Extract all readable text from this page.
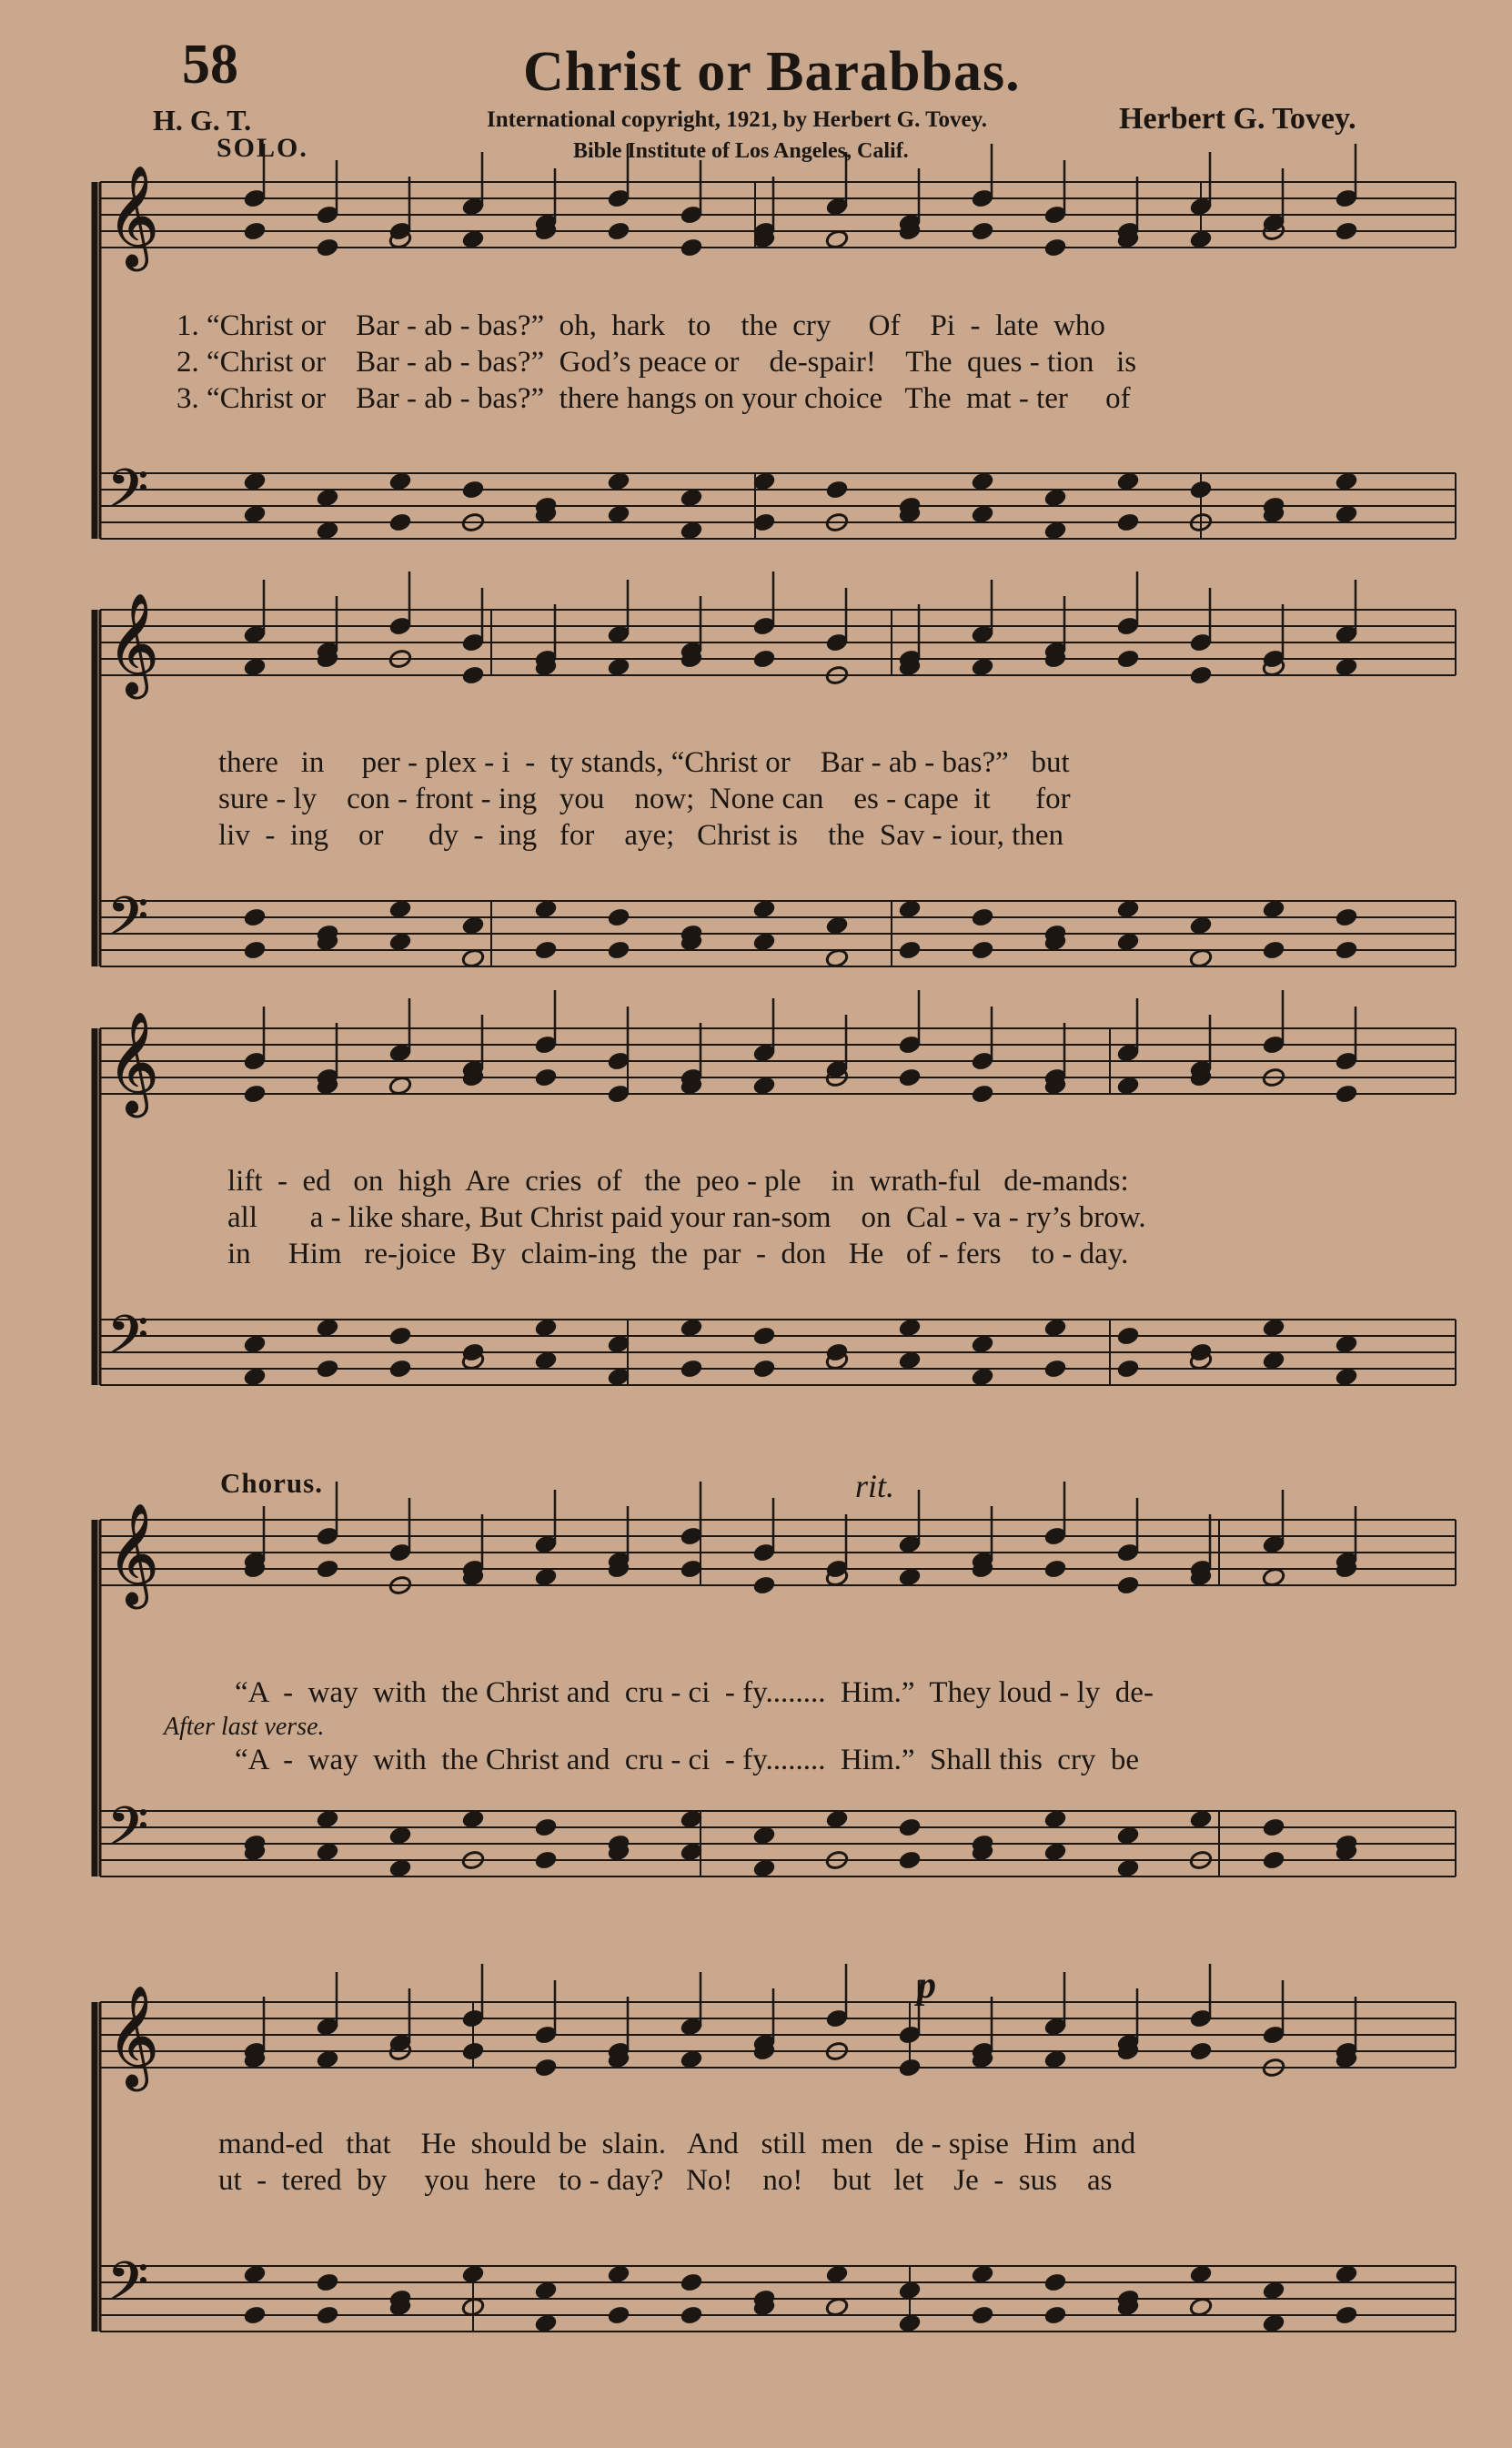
58	Christ or Barabbas.
H. G. T.
SOLO.
International copyright, 1921, by Herbert G. Tovey.
Bible Institute of Los Angeles, Calif.
Herbert G. Tovey.
𝄞
𝄢
𝄞
𝄢
𝄞
𝄢
𝄞
𝄢
𝄞
𝄢
1. “Christ or    Bar - ab - bas?”  oh,  hark   to    the  cry     Of    Pi  -  late  who
2. “Christ or    Bar - ab - bas?”  God’s peace or    de-spair!    The  ques - tion   is
3. “Christ or    Bar - ab - bas?”  there hangs on your choice   The  mat - ter     of
there   in     per - plex - i  -  ty stands, “Christ or    Bar - ab - bas?”   but
sure - ly    con - front - ing   you    now;  None can    es - cape  it      for
liv  -  ing    or      dy  -  ing   for    aye;   Christ is    the  Sav - iour, then
lift  -  ed   on  high  Are  cries  of   the  peo - ple    in  wrath-ful   de-mands:
all       a - like share, But Christ paid your ran-som    on  Cal - va - ry’s brow.
in     Him   re-joice  By  claim-ing  the  par  -  don   He   of - fers    to - day.
Chorus.	rit.
“A  -  way  with  the Christ and  cru - ci  - fy........  Him.”  They loud - ly  de-
After last verse.
“A  -  way  with  the Christ and  cru - ci  - fy........  Him.”  Shall this  cry  be
p
mand-ed   that    He  should be  slain.   And   still  men   de - spise  Him  and
ut  -  tered  by     you  here   to - day?   No!    no!    but   let    Je  -  sus    as
